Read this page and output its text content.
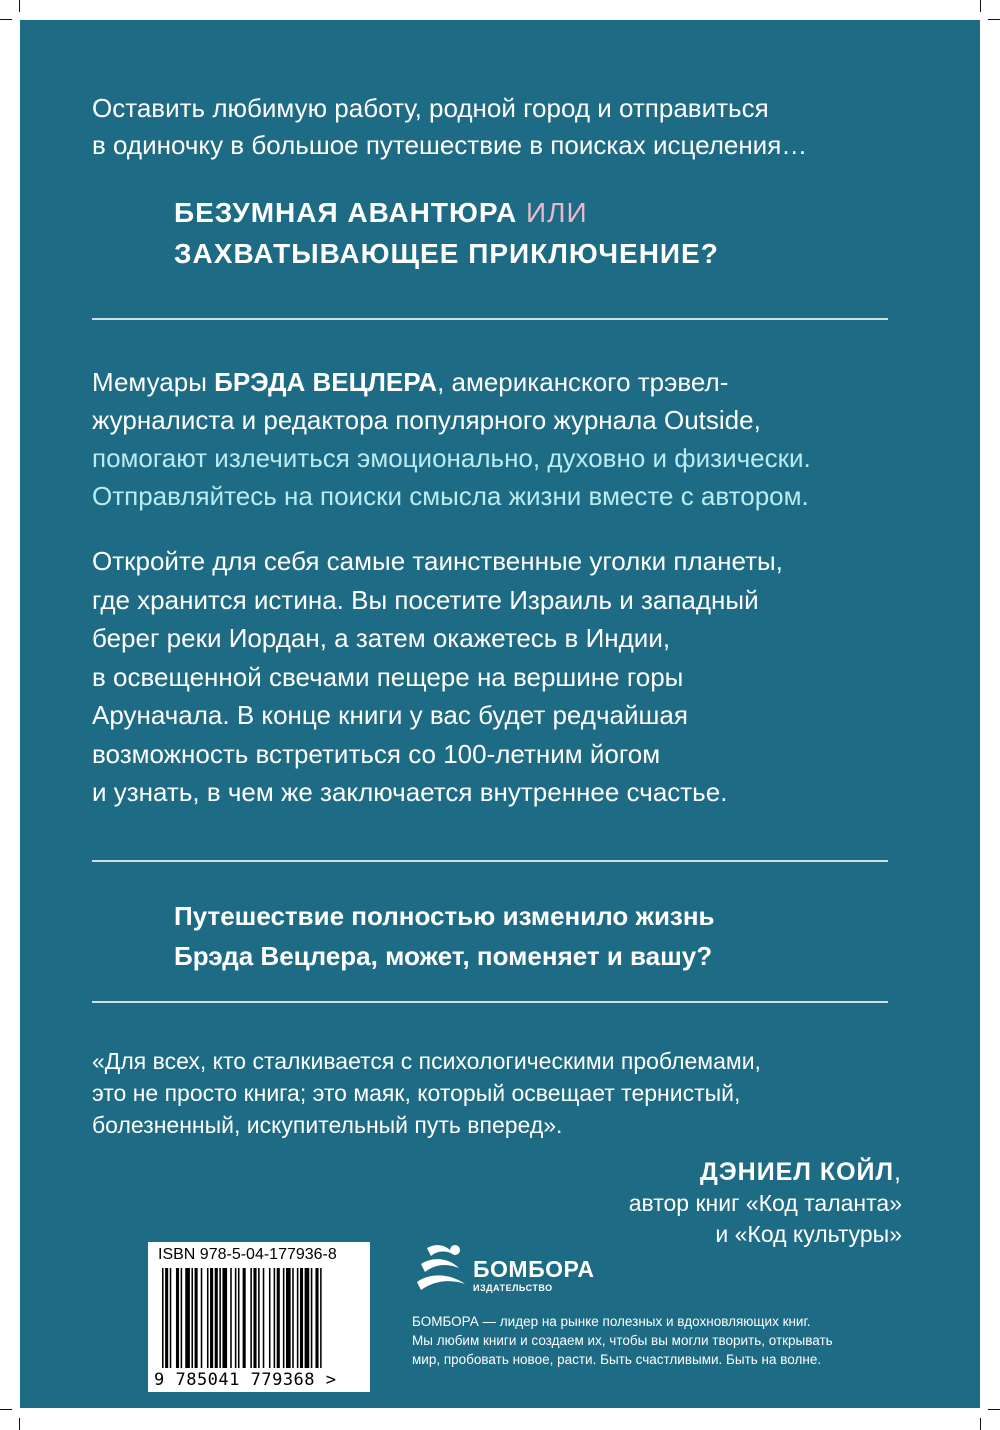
Оставить любимую работу, родной город и отправиться
в одиночку в большое путешествие в поисках исцеления…

БЕЗУМНАЯ АВАНТЮРА ИЛИ
ЗАХВАТЫВАЮЩЕЕ ПРИКЛЮЧЕНИЕ?

Мемуары БРЭДА ВЕЦЛЕРА, американского трэвел-
журналиста и редактора популярного журнала Outside,
помогают излечиться эмоционально, духовно и физически.
Отправляйтесь на поиски смысла жизни вместе с автором.

Откройте для себя самые таинственные уголки планеты,
где хранится истина. Вы посетите Израиль и западный
берег реки Иордан, а затем окажетесь в Индии,
в освещенной свечами пещере на вершине горы
Аруначала. В конце книги у вас будет редчайшая
возможность встретиться со 100-летним йогом
и узнать, в чем же заключается внутреннее счастье.

Путешествие полностью изменило жизнь
Брэда Вецлера, может, поменяет и вашу?

«Для всех, кто сталкивается с психологическими проблемами,
это не просто книга; это маяк, который освещает тернистый,
болезненный, искупительный путь вперед».

ДЭНИЕЛ КОЙЛ,
автор книг «Код таланта»
и «Код культуры»
ISBN 978-5-04-177936-8
9 785041 779368 >
БОМБОРА
ИЗДАТЕЛЬСТВО

БОМБОРА — лидер на рынке полезных и вдохновляющих книг.
Мы любим книги и создаем их, чтобы вы могли творить, открывать
мир, пробовать новое, расти. Быть счастливыми. Быть на волне.
